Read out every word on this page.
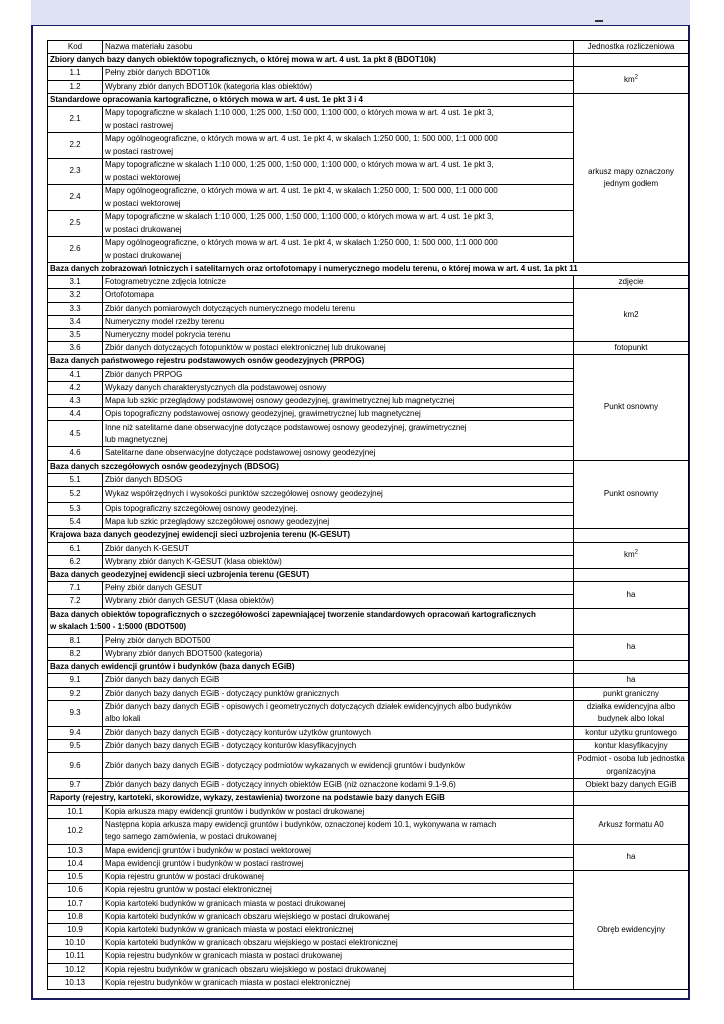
Kod	Nazwa materiału zasobu	Jednostka rozliczeniowa
Zbiory danych bazy danych obiektów topograficznych, o której mowa w art. 4 ust. 1a pkt 8 (BDOT10k)		
1.1	Pełny zbiór danych BDOT10k	$km^2$
1.2	Wybrany zbiór danych BDOT10k (kategoria klas obiektów)	
Standardowe opracowania kartograficzne, o których mowa w art. 4 ust. 1e pkt 3 i 4		arkusz mapy oznaczony jednym godłem
2.1	Mapy topograficzne w skalach 1:10 000, 1:25 000, 1:50 000, 1:100 000, o których mowa w art. 4 ust. 1e pkt 3,
w postaci rastrowej	
2.2	Mapy ogólnogeograficzne, o których mowa w art. 4 ust. 1e pkt 4, w skalach 1:250 000, 1: 500 000, 1:1 000 000
w postaci rastrowej	
2.3	Mapy topograficzne w skalach 1:10 000, 1:25 000, 1:50 000, 1:100 000, o których mowa w art. 4 ust. 1e pkt 3,
w postaci wektorowej	
2.4	Mapy ogólnogeograficzne, o których mowa w art. 4 ust. 1e pkt 4, w skalach 1:250 000, 1: 500 000, 1:1 000 000
w postaci wektorowej	
2.5	Mapy topograficzne w skalach 1:10 000, 1:25 000, 1:50 000, 1:100 000, o których mowa w art. 4 ust. 1e pkt 3,
w postaci drukowanej	
2.6	Mapy ogólnogeograficzne, o których mowa w art. 4 ust. 1e pkt 4, w skalach 1:250 000, 1: 500 000, 1:1 000 000
w postaci drukowanej	
Baza danych zobrazowań lotniczych i satelitarnych oraz ortofotomapy i numerycznego modelu terenu, o której mowa w art. 4 ust. 1a pkt 11		
3.1	Fotogrametryczne zdjęcia lotnicze	zdjęcie
3.2	Ortofotomapa	km2
3.3	Zbiór danych pomiarowych dotyczących numerycznego modelu terenu	
3.4	Numeryczny model rzeźby terenu	
3.5	Numeryczny model pokrycia terenu	
3.6	Zbiór danych dotyczących fotopunktów w postaci elektronicznej lub drukowanej	fotopunkt
Baza danych państwowego rejestru podstawowych osnów geodezyjnych (PRPOG)		Punkt osnowny
4.1	Zbiór danych PRPOG	
4.2	Wykazy danych charakterystycznych dla podstawowej osnowy	
4.3	Mapa lub szkic przeglądowy podstawowej osnowy geodezyjnej, grawimetrycznej lub magnetycznej	
4.4	Opis topograficzny podstawowej osnowy geodezyjnej, grawimetrycznej lub magnetycznej	
4.5	Inne niż satelitarne dane obserwacyjne dotyczące podstawowej osnowy geodezyjnej, grawimetrycznej
lub magnetycznej	
4.6	Satelitarne dane obserwacyjne dotyczące podstawowej osnowy geodezyjnej	
Baza danych szczegółowych osnów geodezyjnych (BDSOG)		Punkt osnowny
5.1	Zbiór danych BDSOG	
5.2	Wykaz współrzędnych i wysokości punktów szczegółowej osnowy geodezyjnej	
5.3	Opis topograficzny szczegółowej osnowy geodezyjnej.	
5.4	Mapa lub szkic przeglądowy szczegółowej osnowy geodezyjnej	
Krajowa baza danych geodezyjnej ewidencji sieci uzbrojenia terenu (K-GESUT)		
6.1	Zbiór danych K-GESUT	$km^2$
6.2	Wybrany zbiór danych K-GESUT (klasa obiektów)	
Baza danych geodezyjnej ewidencji sieci uzbrojenia terenu (GESUT)		
7.1	Pełny zbiór danych GESUT	ha
7.2	Wybrany zbiór danych GESUT (klasa obiektów)	
Baza danych obiektów topograficznych o szczegółowości zapewniającej tworzenie standardowych opracowań kartograficznych
w skalach 1:500 - 1:5000 (BDOT500)		
8.1	Pełny zbiór danych BDOT500	ha
8.2	Wybrany zbiór danych BDOT500 (kategoria)	
Baza danych ewidencji gruntów i budynków (baza danych EGiB)		
9.1	Zbiór danych bazy danych EGiB	ha
9.2	Zbiór danych bazy danych EGiB - dotyczący punktów granicznych	punkt graniczny
9.3	Zbiór danych bazy danych EGiB - opisowych i geometrycznych dotyczących działek ewidencyjnych albo budynków
albo lokali	działka ewidencyjna albo budynek albo lokal
9.4	Zbiór danych bazy danych EGiB - dotyczący konturów użytków gruntowych	kontur użytku gruntowego
9.5	Zbiór danych bazy danych EGiB - dotyczący konturów klasyfikacyjnych	kontur klasyfikacyjny
9.6	Zbiór danych bazy danych EGiB - dotyczący podmiotów wykazanych w ewidencji gruntów i budynków	Podmiot - osoba lub jednostka organizacyjna
9.7	Zbiór danych bazy danych EGiB - dotyczący innych obiektów EGiB (niż oznaczone kodami 9.1-9.6)	Obiekt bazy danych EGiB
Raporty (rejestry, kartoteki, skorowidze, wykazy, zestawienia) tworzone na podstawie bazy danych EGiB		
10.1	Kopia arkusza mapy ewidencji gruntów i budynków w postaci drukowanej	Arkusz formatu A0
10.2	Następna kopia arkusza mapy ewidencji gruntów i budynków, oznaczonej kodem 10.1, wykonywana w ramach
tego samego zamówienia, w postaci drukowanej	
10.3	Mapa ewidencji gruntów i budynków w postaci wektorowej	ha
10.4	Mapa ewidencji gruntów i budynków w postaci rastrowej	
10.5	Kopia rejestru gruntów w postaci drukowanej	Obręb ewidencyjny
10.6	Kopia rejestru gruntów w postaci elektronicznej	
10.7	Kopia kartoteki budynków w granicach miasta w postaci drukowanej	
10.8	Kopia kartoteki budynków w granicach obszaru wiejskiego w postaci drukowanej	
10.9	Kopia kartoteki budynków w granicach miasta w postaci elektronicznej	
10.10	Kopia kartoteki budynków w granicach obszaru wiejskiego w postaci elektronicznej	
10.11	Kopia rejestru budynków w granicach miasta w postaci drukowanej	
10.12	Kopia rejestru budynków w granicach obszaru wiejskiego w postaci drukowanej	
10.13	Kopia rejestru budynków w granicach miasta w postaci elektronicznej	
